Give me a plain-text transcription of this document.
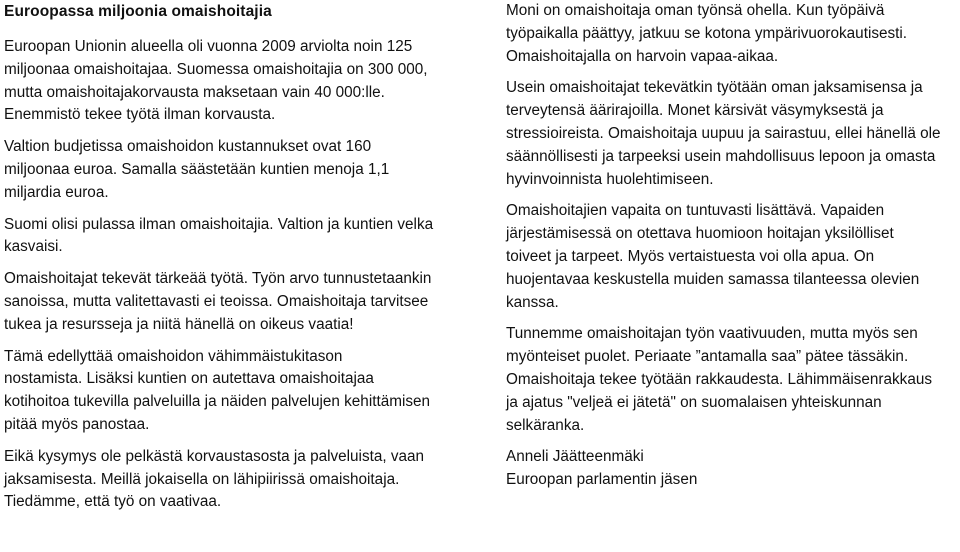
Euroopassa miljoonia omaishoitajia

Euroopan Unionin alueella oli vuonna 2009 arviolta noin 125
miljoonaa omaishoitajaa. Suomessa omaishoitajia on 300 000,
mutta omaishoitajakorvausta maksetaan vain 40 000:lle.
Enemmistö tekee työtä ilman korvausta.

Valtion budjetissa omaishoidon kustannukset ovat 160
miljoonaa euroa. Samalla säästetään kuntien menoja 1,1
miljardia euroa.

Suomi olisi pulassa ilman omaishoitajia. Valtion ja kuntien velka
kasvaisi.

Omaishoitajat tekevät tärkeää työtä. Työn arvo tunnustetaankin
sanoissa, mutta valitettavasti ei teoissa. Omaishoitaja tarvitsee
tukea ja resursseja ja niitä hänellä on oikeus vaatia!

Tämä edellyttää omaishoidon vähimmäistukitason
nostamista. Lisäksi kuntien on autettava omaishoitajaa
kotihoitoa tukevilla palveluilla ja näiden palvelujen kehittämisen
pitää myös panostaa.

Eikä kysymys ole pelkästä korvaustasosta ja palveluista, vaan
jaksamisesta. Meillä jokaisella on lähipiirissä omaishoitaja.
Tiedämme, että työ on vaativaa.

Moni on omaishoitaja oman työnsä ohella. Kun työpäivä
työpaikalla päättyy, jatkuu se kotona ympärivuorokautisesti.
Omaishoitajalla on harvoin vapaa-aikaa.

Usein omaishoitajat tekevätkin työtään oman jaksamisensa ja
terveytensä äärirajoilla. Monet kärsivät väsymyksestä ja
stressioireista. Omaishoitaja uupuu ja sairastuu, ellei hänellä ole
säännöllisesti ja tarpeeksi usein mahdollisuus lepoon ja omasta
hyvinvoinnista huolehtimiseen.

Omaishoitajien vapaita on tuntuvasti lisättävä. Vapaiden
järjestämisessä on otettava huomioon hoitajan yksilölliset
toiveet ja tarpeet. Myös vertaistuesta voi olla apua. On
huojentavaa keskustella muiden samassa tilanteessa olevien
kanssa.

Tunnemme omaishoitajan työn vaativuuden, mutta myös sen
myönteiset puolet. Periaate ”antamalla saa” pätee tässäkin.
Omaishoitaja tekee työtään rakkaudesta. Lähimmäisenrakkaus
ja ajatus "veljeä ei jätetä" on suomalaisen yhteiskunnan
selkäranka.

Anneli Jäätteenmäki
Euroopan parlamentin jäsen
